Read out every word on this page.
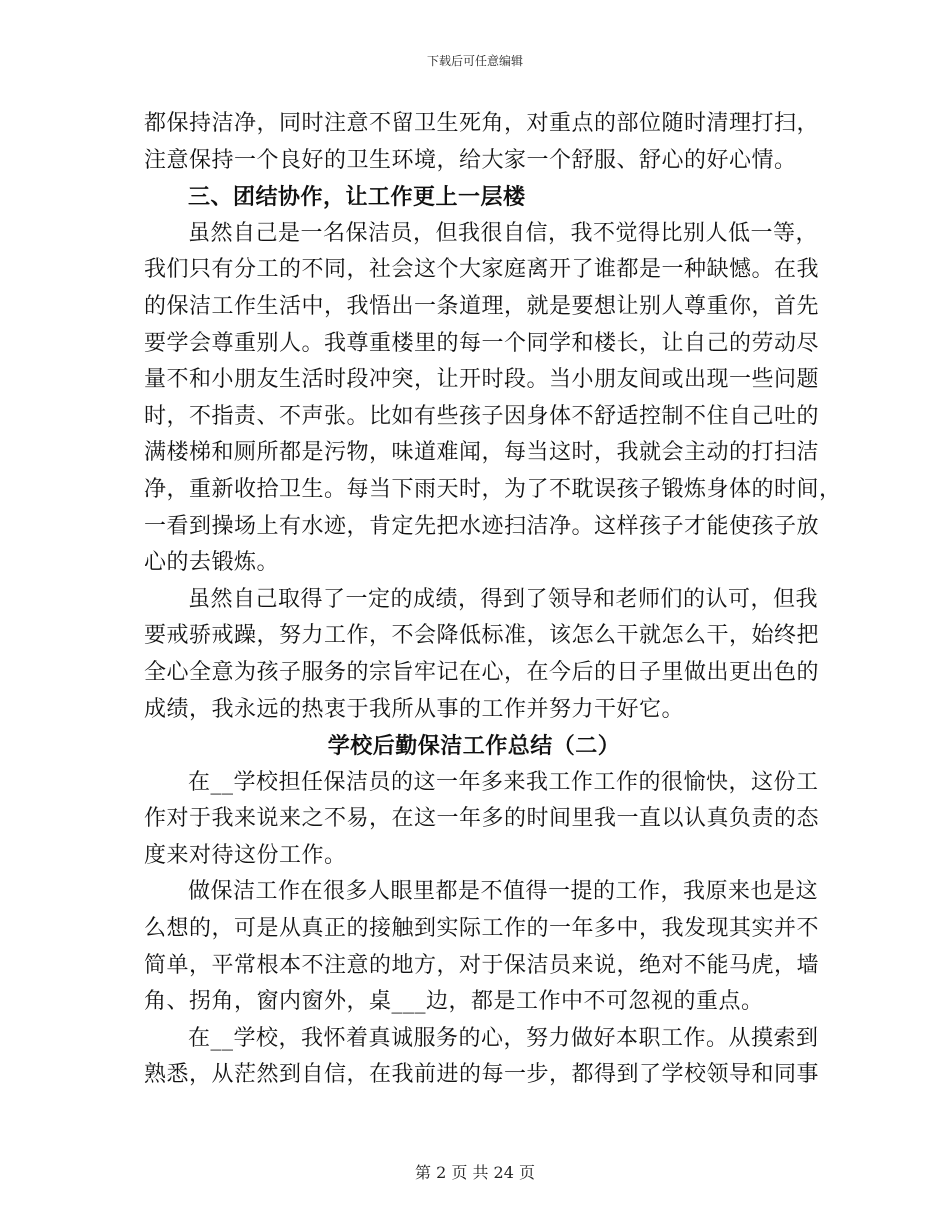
下载后可任意编辑
都保持洁净，同时注意不留卫生死角，对重点的部位随时清理打扫，
注意保持一个良好的卫生环境，给大家一个舒服、舒心的好心情。
三、团结协作，让工作更上一层楼
虽然自己是一名保洁员，但我很自信，我不觉得比别人低一等，
我们只有分工的不同，社会这个大家庭离开了谁都是一种缺憾。在我
的保洁工作生活中，我悟出一条道理，就是要想让别人尊重你，首先
要学会尊重别人。我尊重楼里的每一个同学和楼长，让自己的劳动尽
量不和小朋友生活时段冲突，让开时段。当小朋友间或出现一些问题
时，不指责、不声张。比如有些孩子因身体不舒适控制不住自己吐的
满楼梯和厕所都是污物，味道难闻，每当这时，我就会主动的打扫洁
净，重新收拾卫生。每当下雨天时，为了不耽误孩子锻炼身体的时间，
一看到操场上有水迹，肯定先把水迹扫洁净。这样孩子才能使孩子放
心的去锻炼。
虽然自己取得了一定的成绩，得到了领导和老师们的认可，但我
要戒骄戒躁，努力工作，不会降低标准，该怎么干就怎么干，始终把
全心全意为孩子服务的宗旨牢记在心，在今后的日子里做出更出色的
成绩，我永远的热衷于我所从事的工作并努力干好它。
学校后勤保洁工作总结（二）
在__学校担任保洁员的这一年多来我工作工作的很愉快，这份工
作对于我来说来之不易，在这一年多的时间里我一直以认真负责的态
度来对待这份工作。
做保洁工作在很多人眼里都是不值得一提的工作，我原来也是这
么想的，可是从真正的接触到实际工作的一年多中，我发现其实并不
简单，平常根本不注意的地方，对于保洁员来说，绝对不能马虎，墙
角、拐角，窗内窗外，桌___边，都是工作中不可忽视的重点。
在__学校，我怀着真诚服务的心，努力做好本职工作。从摸索到
熟悉，从茫然到自信，在我前进的每一步，都得到了学校领导和同事
第 2 页 共 24 页
